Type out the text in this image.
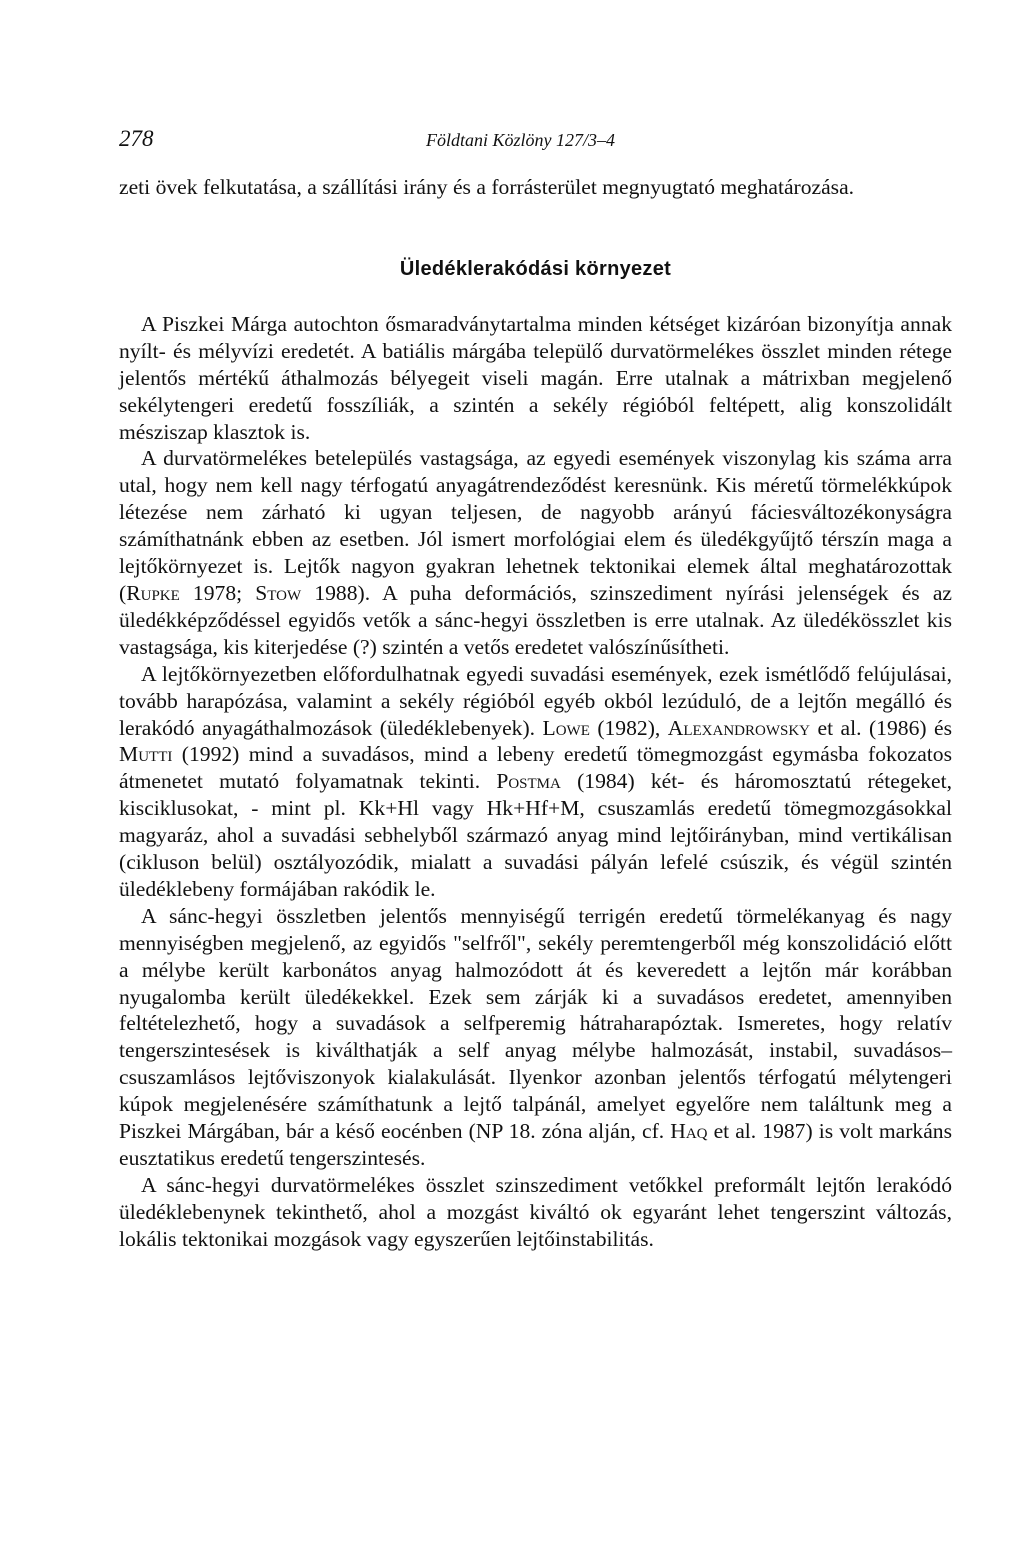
278	Földtani Közlöny 127/3–4

zeti övek felkutatása, a szállítási irány és a forrásterület megnyugtató meghatározása.

Üledéklerakódási környezet

A Piszkei Márga autochton ősmaradványtartalma minden kétséget kizáróan bizonyítja annak nyílt- és mélyvízi eredetét. A batiális márgába települő durvatörmelékes összlet minden rétege jelentős mértékű áthalmozás bélyegeit viseli magán. Erre utalnak a mátrixban megjelenő sekélytengeri eredetű fosszíliák, a szintén a sekély régióból feltépett, alig konszolidált mésziszap klasztok is.

A durvatörmelékes betelepülés vastagsága, az egyedi események viszonylag kis száma arra utal, hogy nem kell nagy térfogatú anyagátrendeződést keresnünk. Kis méretű törmelékkúpok létezése nem zárható ki ugyan teljesen, de nagyobb arányú fáciesváltozékonyságra számíthatnánk ebben az esetben. Jól ismert morfológiai elem és üledékgyűjtő térszín maga a lejtőkörnyezet is. Lejtők nagyon gyakran lehetnek tektonikai elemek által meghatározottak (Rupke 1978; Stow 1988). A puha deformációs, szinszediment nyírási jelenségek és az üledékképződéssel egyidős vetők a sánc-hegyi összletben is erre utalnak. Az üledékösszlet kis vastagsága, kis kiterjedése (?) szintén a vetős eredetet valószínűsítheti.

A lejtőkörnyezetben előfordulhatnak egyedi suvadási események, ezek ismétlődő felújulásai, tovább harapózása, valamint a sekély régióból egyéb okból lezúduló, de a lejtőn megálló és lerakódó anyagáthalmozások (üledéklebenyek). Lowe (1982), Alexandrowsky et al. (1986) és Mutti (1992) mind a suvadásos, mind a lebeny eredetű tömegmozgást egymásba fokozatos átmenetet mutató folyamatnak tekinti. Postma (1984) két- és háromosztatú rétegeket, kisciklusokat, - mint pl. Kk+Hl vagy Hk+Hf+M, csuszamlás eredetű tömegmozgásokkal magyaráz, ahol a suvadási sebhelyből származó anyag mind lejtőirányban, mind vertikálisan (cikluson belül) osztályozódik, mialatt a suvadási pályán lefelé csúszik, és végül szintén üledéklebeny formájában rakódik le.

A sánc-hegyi összletben jelentős mennyiségű terrigén eredetű törmelékanyag és nagy mennyiségben megjelenő, az egyidős "selfről", sekély peremtengerből még konszolidáció előtt a mélybe került karbonátos anyag halmozódott át és keveredett a lejtőn már korábban nyugalomba került üledékekkel. Ezek sem zárják ki a suvadásos eredetet, amennyiben feltételezhető, hogy a suvadások a selfperemig hátraharapóztak. Ismeretes, hogy relatív tengerszintesések is kiválthatják a self anyag mélybe halmozását, instabil, suvadásos–csuszamlásos lejtőviszonyok kialakulását. Ilyenkor azonban jelentős térfogatú mélytengeri kúpok megjelenésére számíthatunk a lejtő talpánál, amelyet egyelőre nem találtunk meg a Piszkei Márgában, bár a késő eocénben (NP 18. zóna alján, cf. Haq et al. 1987) is volt markáns eusztatikus eredetű tengerszintesés.

A sánc-hegyi durvatörmelékes összlet szinszediment vetőkkel preformált lejtőn lerakódó üledéklebenynek tekinthető, ahol a mozgást kiváltó ok egyaránt lehet tengerszint változás, lokális tektonikai mozgások vagy egyszerűen lejtőinstabilitás.
